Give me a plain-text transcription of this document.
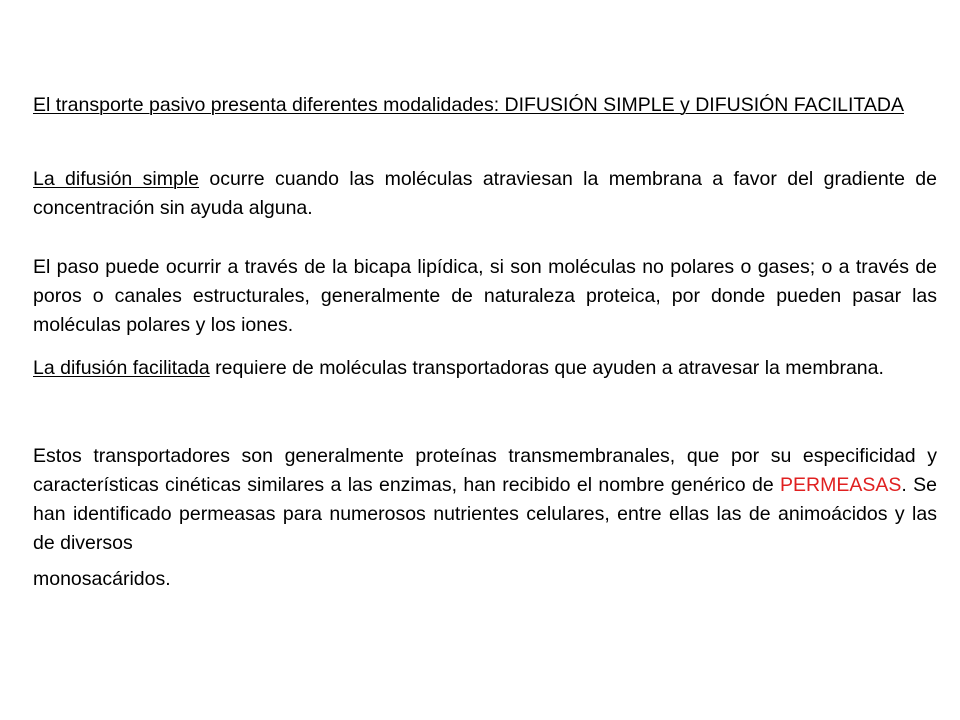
El transporte pasivo presenta diferentes modalidades: DIFUSIÓN SIMPLE y DIFUSIÓN FACILITADA

La difusión simple ocurre cuando las moléculas atraviesan la membrana a favor del gradiente de concentración sin ayuda alguna.

El paso puede ocurrir a través de la bicapa lipídica, si son moléculas no polares o gases; o a través de poros o canales estructurales, generalmente de naturaleza proteica, por donde pueden pasar las moléculas polares y los iones.

La difusión facilitada requiere de moléculas transportadoras que ayuden a atravesar la membrana.

Estos transportadores son generalmente proteínas transmembranales, que por su especificidad y características cinéticas similares a las enzimas, han recibido el nombre genérico de PERMEASAS. Se han identificado permeasas para numerosos nutrientes celulares, entre ellas las de animoácidos y las de diversos
monosacáridos.
